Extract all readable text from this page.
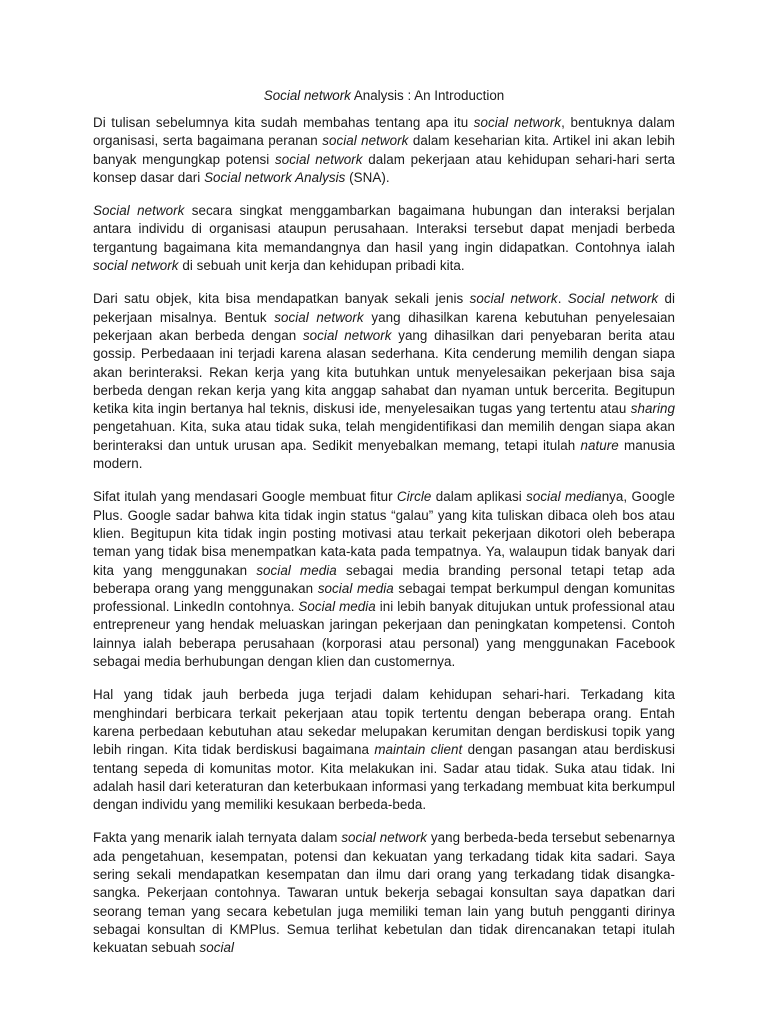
Social network Analysis : An Introduction
Di tulisan sebelumnya kita sudah membahas tentang apa itu social network, bentuknya dalam organisasi, serta bagaimana peranan social network dalam keseharian kita. Artikel ini akan lebih banyak mengungkap potensi social network dalam pekerjaan atau kehidupan sehari-hari serta konsep dasar dari Social network Analysis (SNA).
Social network secara singkat menggambarkan bagaimana hubungan dan interaksi berjalan antara individu di organisasi ataupun perusahaan. Interaksi tersebut dapat menjadi berbeda tergantung bagaimana kita memandangnya dan hasil yang ingin didapatkan. Contohnya ialah social network di sebuah unit kerja dan kehidupan pribadi kita.
Dari satu objek, kita bisa mendapatkan banyak sekali jenis social network. Social network di pekerjaan misalnya. Bentuk social network yang dihasilkan karena kebutuhan penyelesaian pekerjaan akan berbeda dengan social network yang dihasilkan dari penyebaran berita atau gossip. Perbedaaan ini terjadi karena alasan sederhana. Kita cenderung memilih dengan siapa akan berinteraksi. Rekan kerja yang kita butuhkan untuk menyelesaikan pekerjaan bisa saja berbeda dengan rekan kerja yang kita anggap sahabat dan nyaman untuk bercerita. Begitupun ketika kita ingin bertanya hal teknis, diskusi ide, menyelesaikan tugas yang tertentu atau sharing pengetahuan. Kita, suka atau tidak suka, telah mengidentifikasi dan memilih dengan siapa akan berinteraksi dan untuk urusan apa. Sedikit menyebalkan memang, tetapi itulah nature manusia modern.
Sifat itulah yang mendasari Google membuat fitur Circle dalam aplikasi social medianya, Google Plus. Google sadar bahwa kita tidak ingin status “galau” yang kita tuliskan dibaca oleh bos atau klien. Begitupun kita tidak ingin posting motivasi atau terkait pekerjaan dikotori oleh beberapa teman yang tidak bisa menempatkan kata-kata pada tempatnya. Ya, walaupun tidak banyak dari kita yang menggunakan social media sebagai media branding personal tetapi tetap ada beberapa orang yang menggunakan social media sebagai tempat berkumpul dengan komunitas professional. LinkedIn contohnya. Social media ini lebih banyak ditujukan untuk professional atau entrepreneur yang hendak meluaskan jaringan pekerjaan dan peningkatan kompetensi. Contoh lainnya ialah beberapa perusahaan (korporasi atau personal) yang menggunakan Facebook sebagai media berhubungan dengan klien dan customernya.
Hal yang tidak jauh berbeda juga terjadi dalam kehidupan sehari-hari. Terkadang kita menghindari berbicara terkait pekerjaan atau topik tertentu dengan beberapa orang. Entah karena perbedaan kebutuhan atau sekedar melupakan kerumitan dengan berdiskusi topik yang lebih ringan. Kita tidak berdiskusi bagaimana maintain client dengan pasangan atau berdiskusi tentang sepeda di komunitas motor. Kita melakukan ini. Sadar atau tidak. Suka atau tidak. Ini adalah hasil dari keteraturan dan keterbukaan informasi yang terkadang membuat kita berkumpul dengan individu yang memiliki kesukaan berbeda-beda.
Fakta yang menarik ialah ternyata dalam social network yang berbeda-beda tersebut sebenarnya ada pengetahuan, kesempatan, potensi dan kekuatan yang terkadang tidak kita sadari. Saya sering sekali mendapatkan kesempatan dan ilmu dari orang yang terkadang tidak disangka-sangka. Pekerjaan contohnya. Tawaran untuk bekerja sebagai konsultan saya dapatkan dari seorang teman yang secara kebetulan juga memiliki teman lain yang butuh pengganti dirinya sebagai konsultan di KMPlus. Semua terlihat kebetulan dan tidak direncanakan tetapi itulah kekuatan sebuah social
